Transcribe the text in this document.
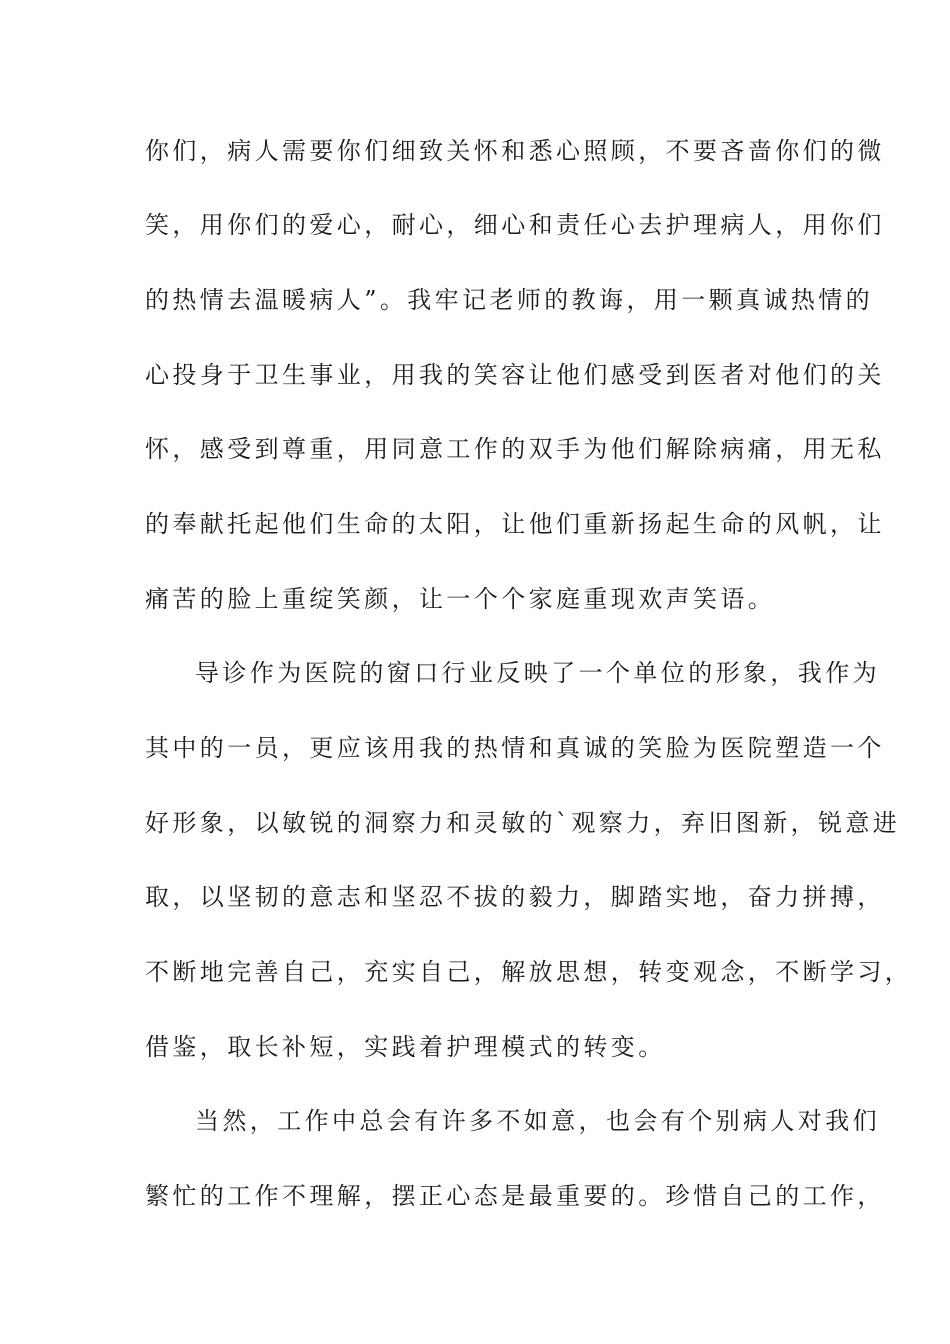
你们，病人需要你们细致关怀和悉心照顾，不要吝啬你们的微
笑，用你们的爱心，耐心，细心和责任心去护理病人，用你们
的热情去温暖病人”。我牢记老师的教诲，用一颗真诚热情的
心投身于卫生事业，用我的笑容让他们感受到医者对他们的关
怀，感受到尊重，用同意工作的双手为他们解除病痛，用无私
的奉献托起他们生命的太阳，让他们重新扬起生命的风帆，让
痛苦的脸上重绽笑颜，让一个个家庭重现欢声笑语。
导诊作为医院的窗口行业反映了一个单位的形象，我作为
其中的一员，更应该用我的热情和真诚的笑脸为医院塑造一个
好形象，以敏锐的洞察力和灵敏的`观察力，弃旧图新，锐意进
取，以坚韧的意志和坚忍不拔的毅力，脚踏实地，奋力拼搏，
不断地完善自己，充实自己，解放思想，转变观念，不断学习，
借鉴，取长补短，实践着护理模式的转变。
当然，工作中总会有许多不如意，也会有个别病人对我们
繁忙的工作不理解，摆正心态是最重要的。珍惜自己的工作，
